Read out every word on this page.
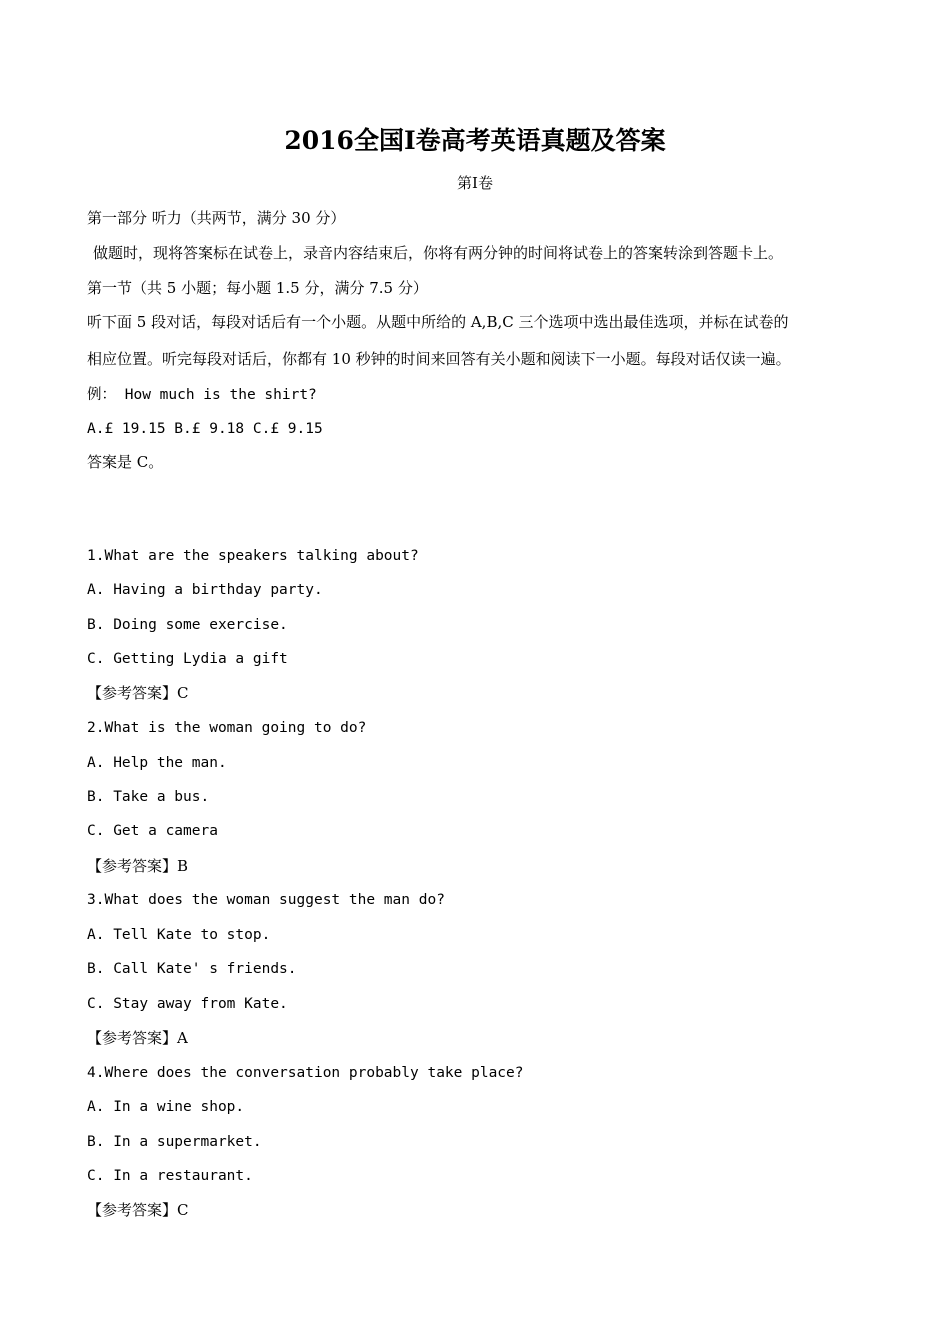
2016全国I卷高考英语真题及答案
第I卷
第一部分 听力（共两节，满分 30 分）
做题时，现将答案标在试卷上，录音内容结束后，你将有两分钟的时间将试卷上的答案转涂到答题卡上。
第一节（共 5 小题；每小题 1.5 分，满分 7.5 分）
听下面 5 段对话，每段对话后有一个小题。从题中所给的 A,B,C 三个选项中选出最佳选项，并标在试卷的
相应位置。听完每段对话后，你都有 10 秒钟的时间来回答有关小题和阅读下一小题。每段对话仅读一遍。
例： How much is the shirt?
A.£ 19.15 B.£ 9.18 C.£ 9.15
答案是 C。
1.What are the speakers talking about?
A. Having a birthday party.
B. Doing some exercise.
C. Getting Lydia a gift
【参考答案】C
2.What is the woman going to do?
A. Help the man.
B. Take a bus.
C. Get a camera
【参考答案】B
3.What does the woman suggest the man do?
A. Tell Kate to stop.
B. Call Kate' s friends.
C. Stay away from Kate.
【参考答案】A
4.Where does the conversation probably take place?
A. In a wine shop.
B. In a supermarket.
C. In a restaurant.
【参考答案】C
